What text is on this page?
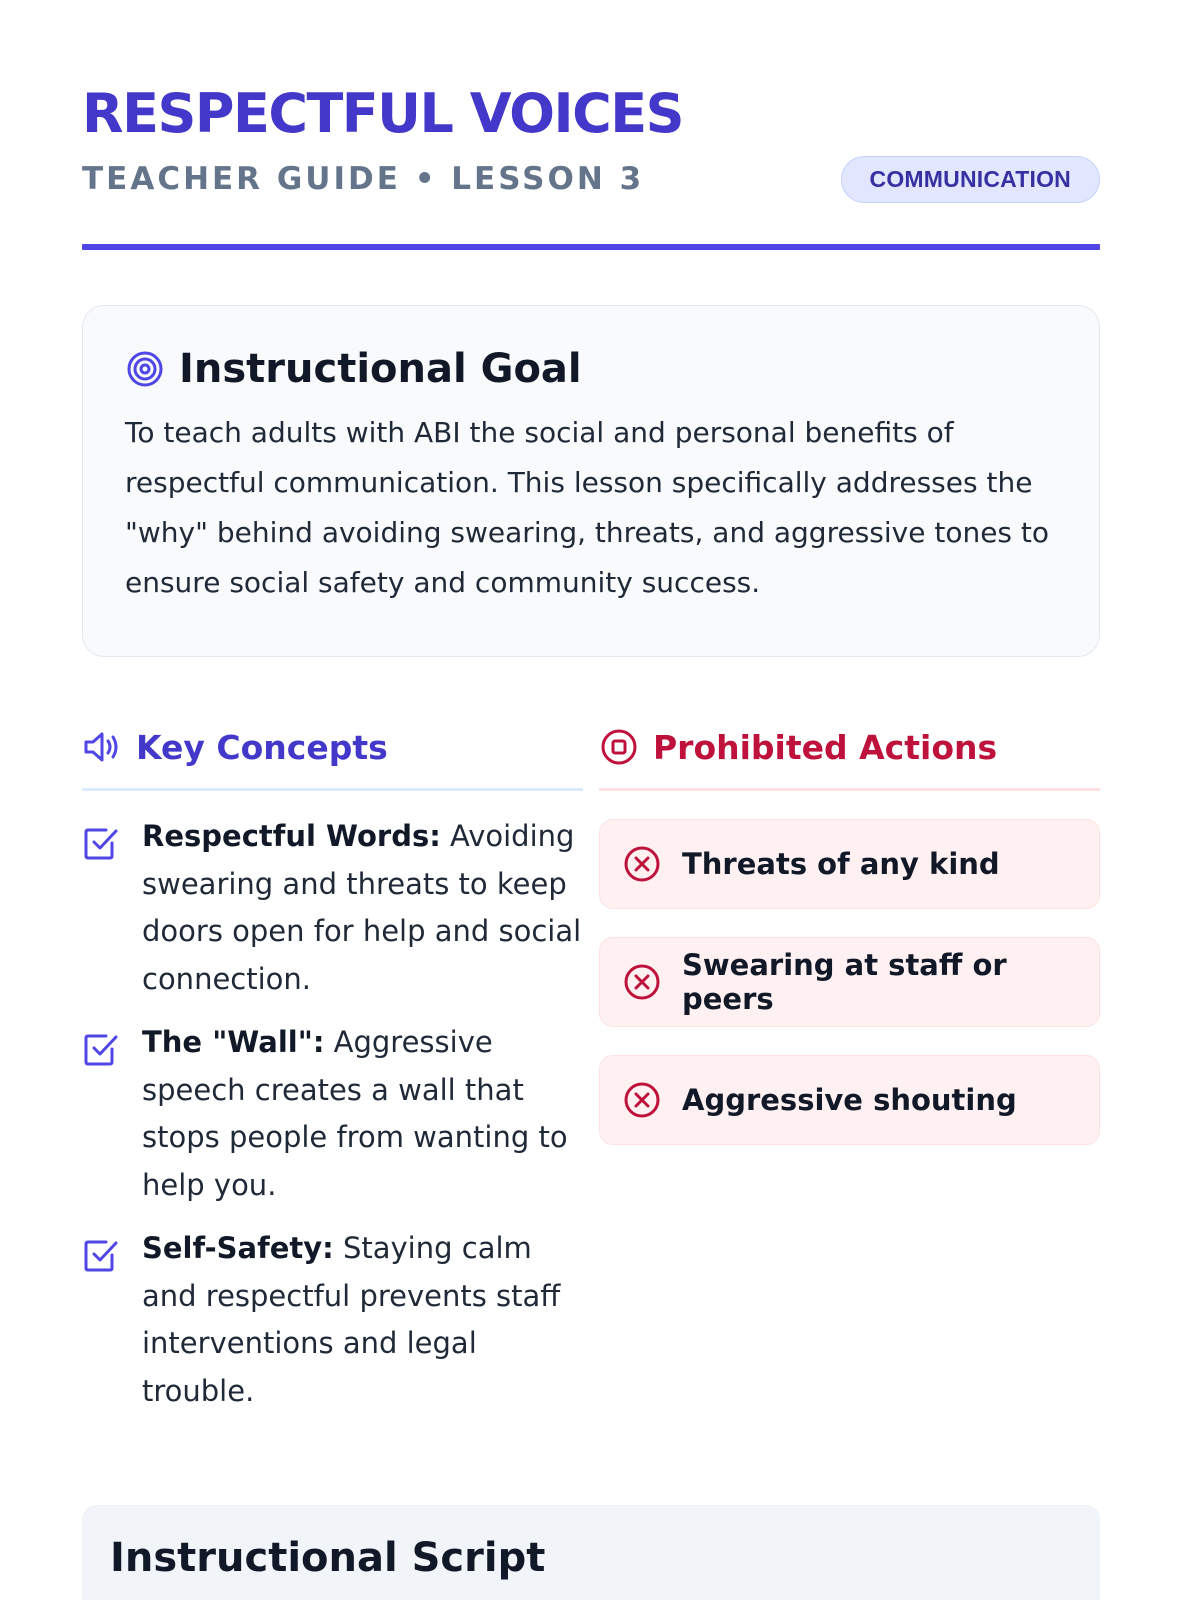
RESPECTFUL VOICES
TEACHER GUIDE • LESSON 3	COMMUNICATION
Instructional Goal

To teach adults with ABI the social and personal benefits of respectful communication. This lesson specifically addresses the "why" behind avoiding swearing, threats, and aggressive tones to ensure social safety and community success.

Key Concepts
Respectful Words: Avoiding swearing and threats to keep doors open for help and social connection.
The "Wall": Aggressive speech creates a wall that stops people from wanting to help you.
Self-Safety: Staying calm and respectful prevents staff interventions and legal trouble.
Prohibited Actions
Threats of any kind
Swearing at staff or peers
Aggressive shouting
Instructional Script
